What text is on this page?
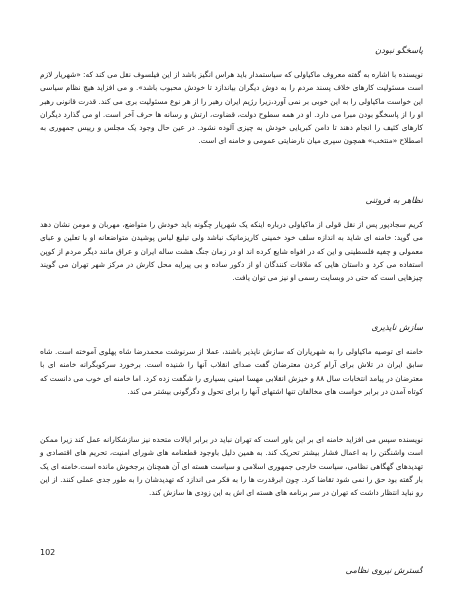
پاسخگو نبودن
نویسنده با اشاره به گفته معروف ماکیاولی که سیاستمدار باید هراس انگیز باشد از این فیلسوف نقل می کند که: «شهریار لازم است مسئولیت کارهای خلاف پسند مردم را به دوش دیگران بیاندازد تا خودش محبوب باشد». و می افزاید هیچ نظام سیاسی این خواست ماکیاولی را به این خوبی بر نمی آورد،زیرا رژیم ایران رهبر را از هر نوع مسئولیت بری می کند. قدرت قانونی رهبر او را از پاسخگو بودن مبرا می دارد. او در همه سطوح دولت، قضاوت، ارتش و رسانه ها حرف آخر است. او می گذارد دیگران کارهای کثیف را انجام دهند تا دامن کبریایی خودش به چیزی آلوده نشود. در عین حال وجود یک مجلس و رییس جمهوری به اصطلاح «منتخب» همچون سپری میان نارضایتی عمومی و خامنه ای است.
تظاهر به فروتنی
کریم سجادپور پس از نقل قولی از ماکیاولی درباره اینکه یک شهریار چگونه باید خودش را متواضع، مهربان و مومن نشان دهد می گوید: خامنه ای شاید به اندازه سلف خود خمینی کاریزماتیک نباشد ولی تبلیغ لباس پوشیدن متواضعانه او با تعلین و عبای معمولی و چفیه فلسطینی و این که در افواه شایع کرده اند او در زمان جنگ هشت ساله ایران و عراق مانند دیگر مردم از کوپن استفاده می کرد و داستان هایی که ملاقات کنندگان او از دکور ساده و بی پیرایه محل کارش در مرکز شهر تهران می گویند چیزهایی است که حتی در وبسایت رسمی او نیز می توان یافت.
سازش ناپذیری
خامنه ای توصیه ماکیاولی را به شهریاران که سازش ناپذیر باشند، عملا از سرنوشت محمدرضا شاه پهلوی آموخته است. شاه سابق ایران در تلاش برای آرام کردن معترضان گفت صدای انقلاب آنها را شنیده است. برخورد سرکوبگرانه خامنه ای با معترضان در پیامد انتخابات سال ۸۸ و خیزش انقلابی مهسا امینی بسیاری را شگفت زده کرد. اما خامنه ای خوب می دانست که کوتاه آمدن در برابر خواست های مخالفان تنها اشتهای آنها را برای تحول و دگرگونی بیشتر می کند.
نویسنده سپس می افزاید خامنه ای بر این باور است که تهران نباید در برابر ایالات متحده نیز سازشکارانه عمل کند زیرا ممکن است واشنگتن را به اعمال فشار بیشتر تحریک کند. به همین دلیل باوجود قطعنامه های شورای امنیت، تحریم های اقتصادی و تهدیدهای گهگاهی نظامی، سیاست خارجی جمهوری اسلامی و سیاست هسته ای آن همچنان برجخوش مانده است.خامنه ای یک بار گفته بود حق را نمی شود تقاضا کرد. چون ابرقدرت ها را به فکر می اندازد که تهدیدشان را به طور جدی عملی کنند. از این رو نباید انتظار داشت که تهران در سر برنامه های هسته ای اش به این زودی ها سازش کند.
102
گسترش نیروی نظامی
